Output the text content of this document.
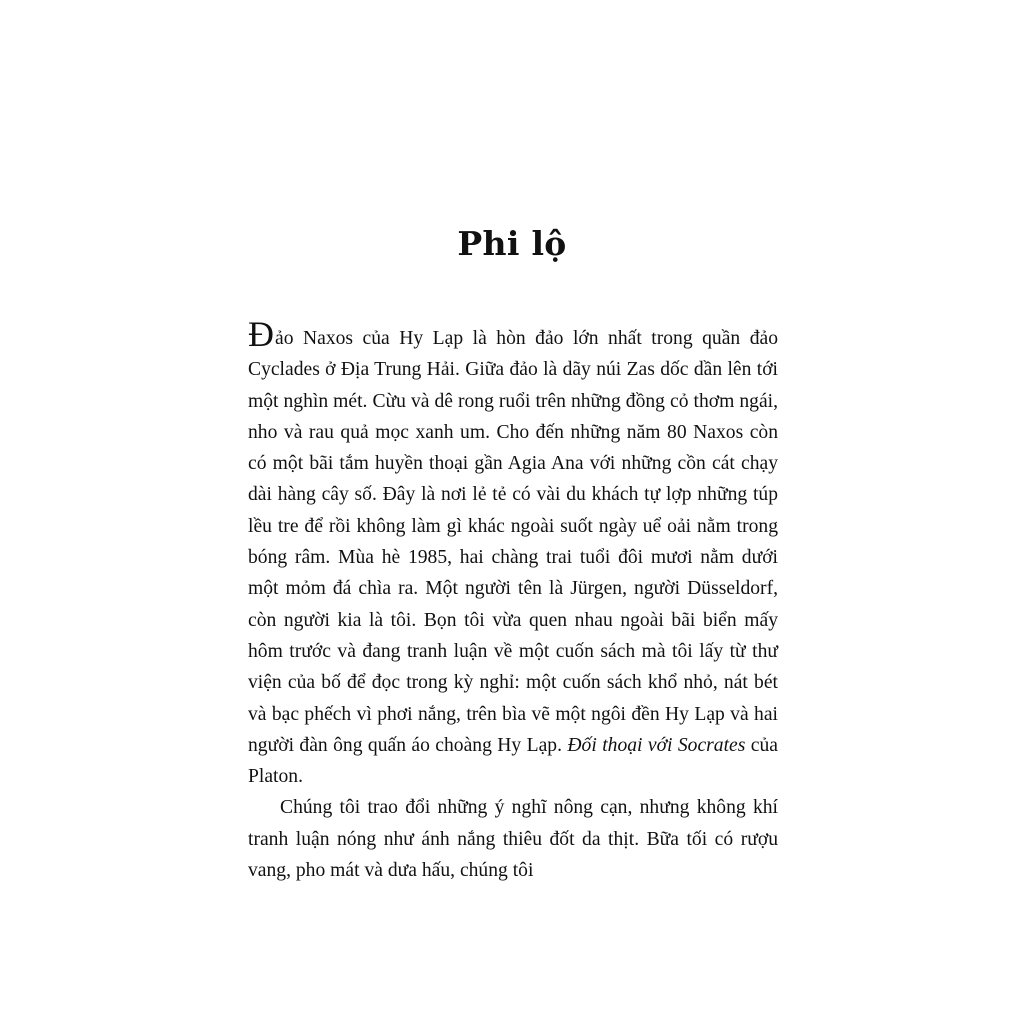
Phi lộ

Đảo Naxos của Hy Lạp là hòn đảo lớn nhất trong quần đảo Cyclades ở Địa Trung Hải. Giữa đảo là dãy núi Zas dốc dần lên tới một nghìn mét. Cừu và dê rong ruổi trên những đồng cỏ thơm ngái, nho và rau quả mọc xanh um. Cho đến những năm 80 Naxos còn có một bãi tắm huyền thoại gần Agia Ana với những cồn cát chạy dài hàng cây số. Đây là nơi lẻ tẻ có vài du khách tự lợp những túp lều tre để rồi không làm gì khác ngoài suốt ngày uể oải nằm trong bóng râm. Mùa hè 1985, hai chàng trai tuổi đôi mươi nằm dưới một mỏm đá chìa ra. Một người tên là Jürgen, người Düsseldorf, còn người kia là tôi. Bọn tôi vừa quen nhau ngoài bãi biển mấy hôm trước và đang tranh luận về một cuốn sách mà tôi lấy từ thư viện của bố để đọc trong kỳ nghỉ: một cuốn sách khổ nhỏ, nát bét và bạc phếch vì phơi nắng, trên bìa vẽ một ngôi đền Hy Lạp và hai người đàn ông quấn áo choàng Hy Lạp. Đối thoại với Socrates của Platon.

Chúng tôi trao đổi những ý nghĩ nông cạn, nhưng không khí tranh luận nóng như ánh nắng thiêu đốt da thịt. Bữa tối có rượu vang, pho mát và dưa hấu, chúng tôi
